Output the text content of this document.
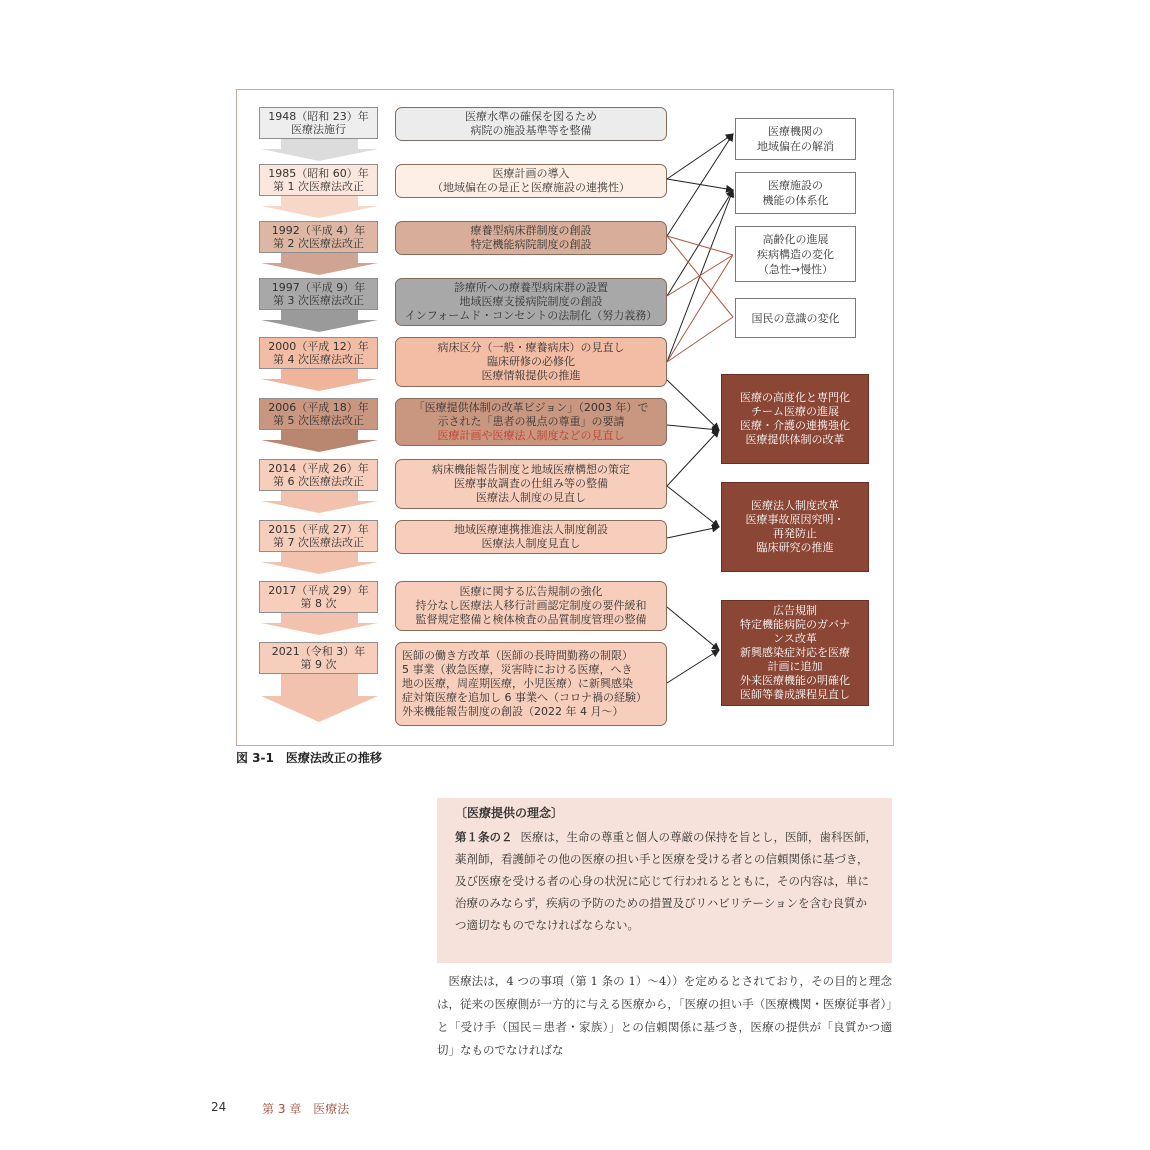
1948（昭和 23）年
医療法施行
1985（昭和 60）年
第 1 次医療法改正
1992（平成 4）年
第 2 次医療法改正
1997（平成 9）年
第 3 次医療法改正
2000（平成 12）年
第 4 次医療法改正
2006（平成 18）年
第 5 次医療法改正
2014（平成 26）年
第 6 次医療法改正
2015（平成 27）年
第 7 次医療法改正
2017（平成 29）年
第 8 次
2021（令和 3）年
第 9 次
医療水準の確保を図るため
病院の施設基準等を整備
医療計画の導入
（地域偏在の是正と医療施設の連携性）
療養型病床群制度の創設
特定機能病院制度の創設
診療所への療養型病床群の設置
地域医療支援病院制度の創設
インフォームド・コンセントの法制化（努力義務）
病床区分（一般・療養病床）の見直し
臨床研修の必修化
医療情報提供の推進
「医療提供体制の改革ビジョン」（2003 年）で
示された「患者の視点の尊重」の要請
医療計画や医療法人制度などの見直し
病床機能報告制度と地域医療構想の策定
医療事故調査の仕組み等の整備
医療法人制度の見直し
地域医療連携推進法人制度創設
医療法人制度見直し
医療に関する広告規制の強化
持分なし医療法人移行計画認定制度の要件緩和
監督規定整備と検体検査の品質制度管理の整備
医師の働き方改革（医師の長時間勤務の制限）
5 事業（救急医療，災害時における医療，へき
地の医療，周産期医療，小児医療）に新興感染
症対策医療を追加し 6 事業へ（コロナ禍の経験）
外来機能報告制度の創設（2022 年 4 月〜）
医療機関の
地域偏在の解消
医療施設の
機能の体系化
高齢化の進展
疾病構造の変化
（急性→慢性）
国民の意識の変化
医療の高度化と専門化
チーム医療の進展
医療・介護の連携強化
医療提供体制の改革
医療法人制度改革
医療事故原因究明・
再発防止
臨床研究の推進
広告規制
特定機能病院のガバナ
ンス改革
新興感染症対応を医療
計画に追加
外来医療機能の明確化
医師等養成課程見直し
図 3-1　医療法改正の推移
〔医療提供の理念〕
第１条の２ 医療は，生命の尊重と個人の尊厳の保持を旨とし，医師，歯科医師，薬剤師，看護師その他の医療の担い手と医療を受ける者との信頼関係に基づき，及び医療を受ける者の心身の状況に応じて行われるとともに，その内容は，単に治療のみならず，疾病の予防のための措置及びリハビリテーションを含む良質かつ適切なものでなければならない。
医療法は，4 つの事項（第 1 条の 1）〜4））を定めるとされており，その目的と理念は，従来の医療側が一方的に与える医療から，「医療の担い手（医療機関・医療従事者）」と「受け手（国民＝患者・家族）」との信頼関係に基づき，医療の提供が「良質かつ適切」なものでなければな
24	第 3 章　医療法
